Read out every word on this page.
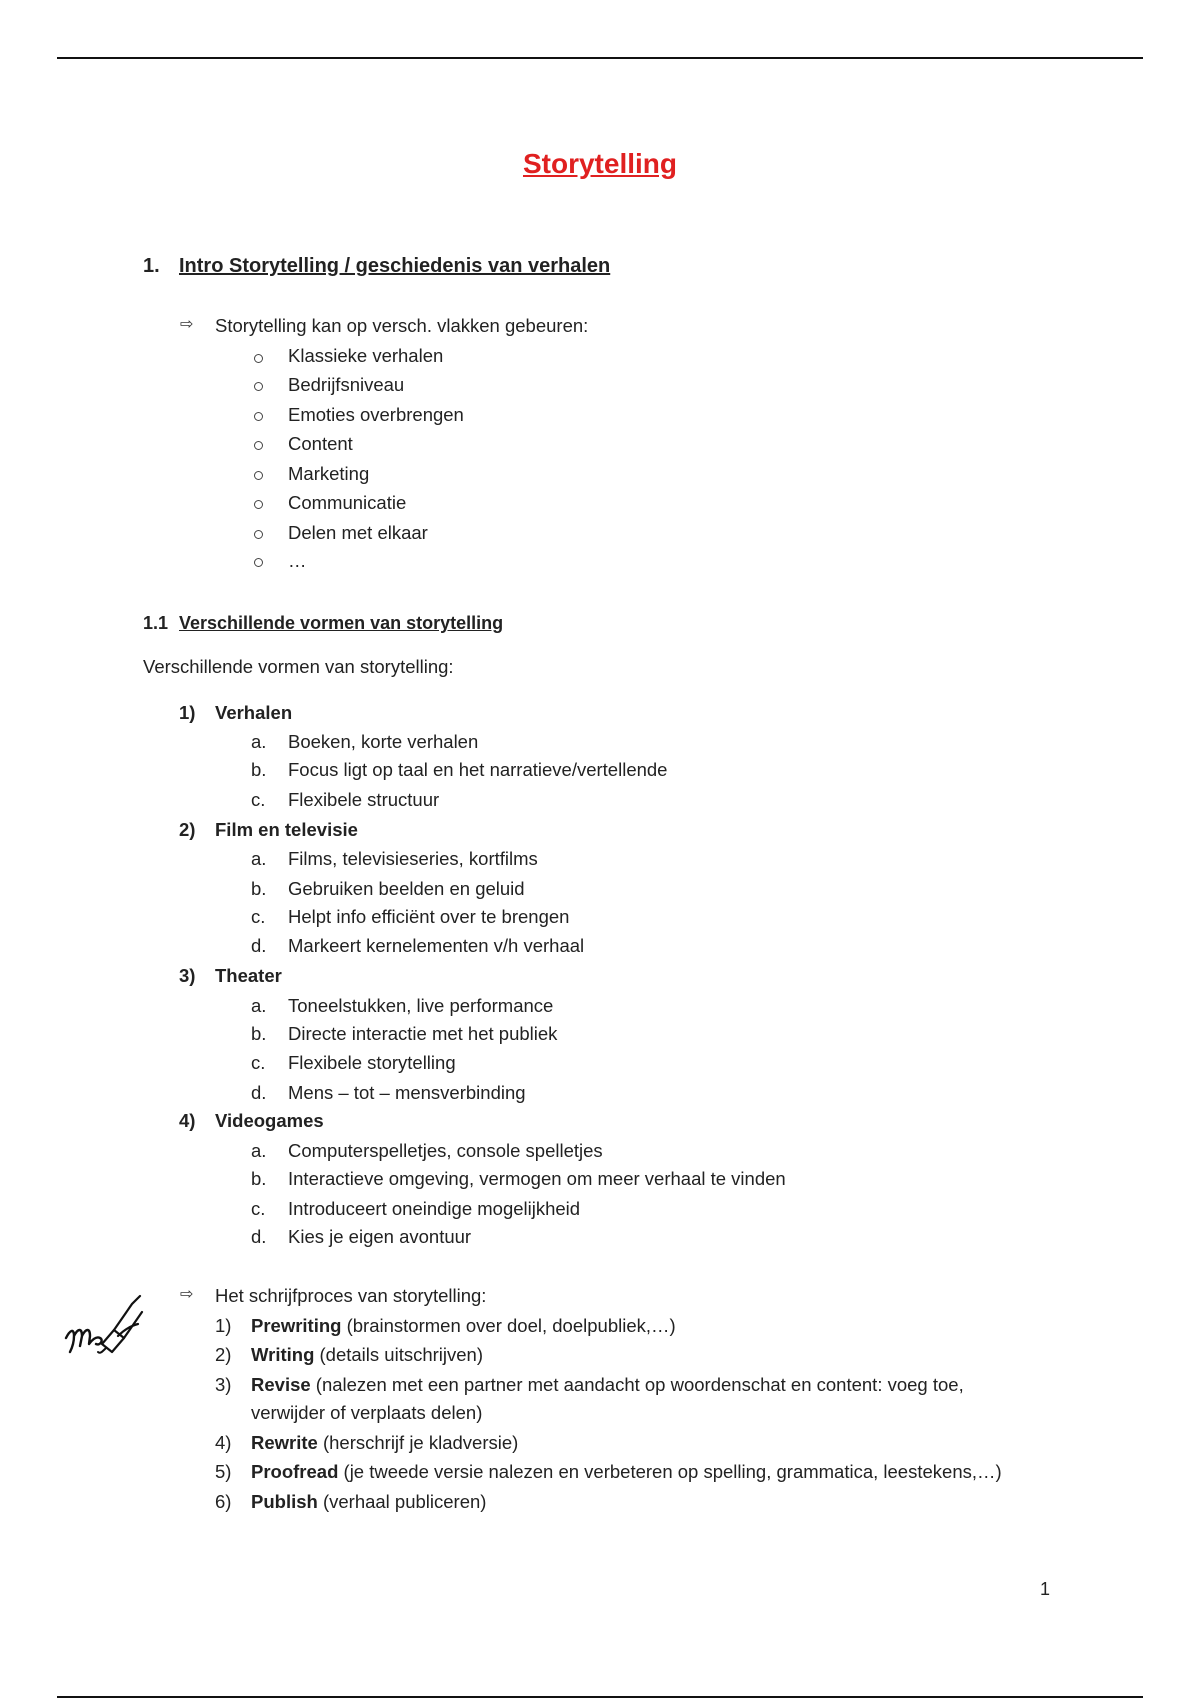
Storytelling
1. Intro Storytelling / geschiedenis van verhalen
⇨ Storytelling kan op versch. vlakken gebeuren:
Klassieke verhalen
Bedrijfsniveau
Emoties overbrengen
Content
Marketing
Communicatie
Delen met elkaar
…
1.1 Verschillende vormen van storytelling
Verschillende vormen van storytelling:
1) Verhalen
a. Boeken, korte verhalen
b. Focus ligt op taal en het narratieve/vertellende
c. Flexibele structuur
2) Film en televisie
a. Films, televisieseries, kortfilms
b. Gebruiken beelden en geluid
c. Helpt info efficiënt over te brengen
d. Markeert kernelementen v/h verhaal
3) Theater
a. Toneelstukken, live performance
b. Directe interactie met het publiek
c. Flexibele storytelling
d. Mens – tot – mensverbinding
4) Videogames
a. Computerspelletjes, console spelletjes
b. Interactieve omgeving, vermogen om meer verhaal te vinden
c. Introduceert oneindige mogelijkheid
d. Kies je eigen avontuur
⇨ Het schrijfproces van storytelling:
1) Prewriting (brainstormen over doel, doelpubliek,…)
2) Writing (details uitschrijven)
3) Revise (nalezen met een partner met aandacht op woordenschat en content: voeg toe,
verwijder of verplaats delen)
4) Rewrite (herschrijf je kladversie)
5) Proofread (je tweede versie nalezen en verbeteren op spelling, grammatica, leestekens,…)
6) Publish (verhaal publiceren)
1
